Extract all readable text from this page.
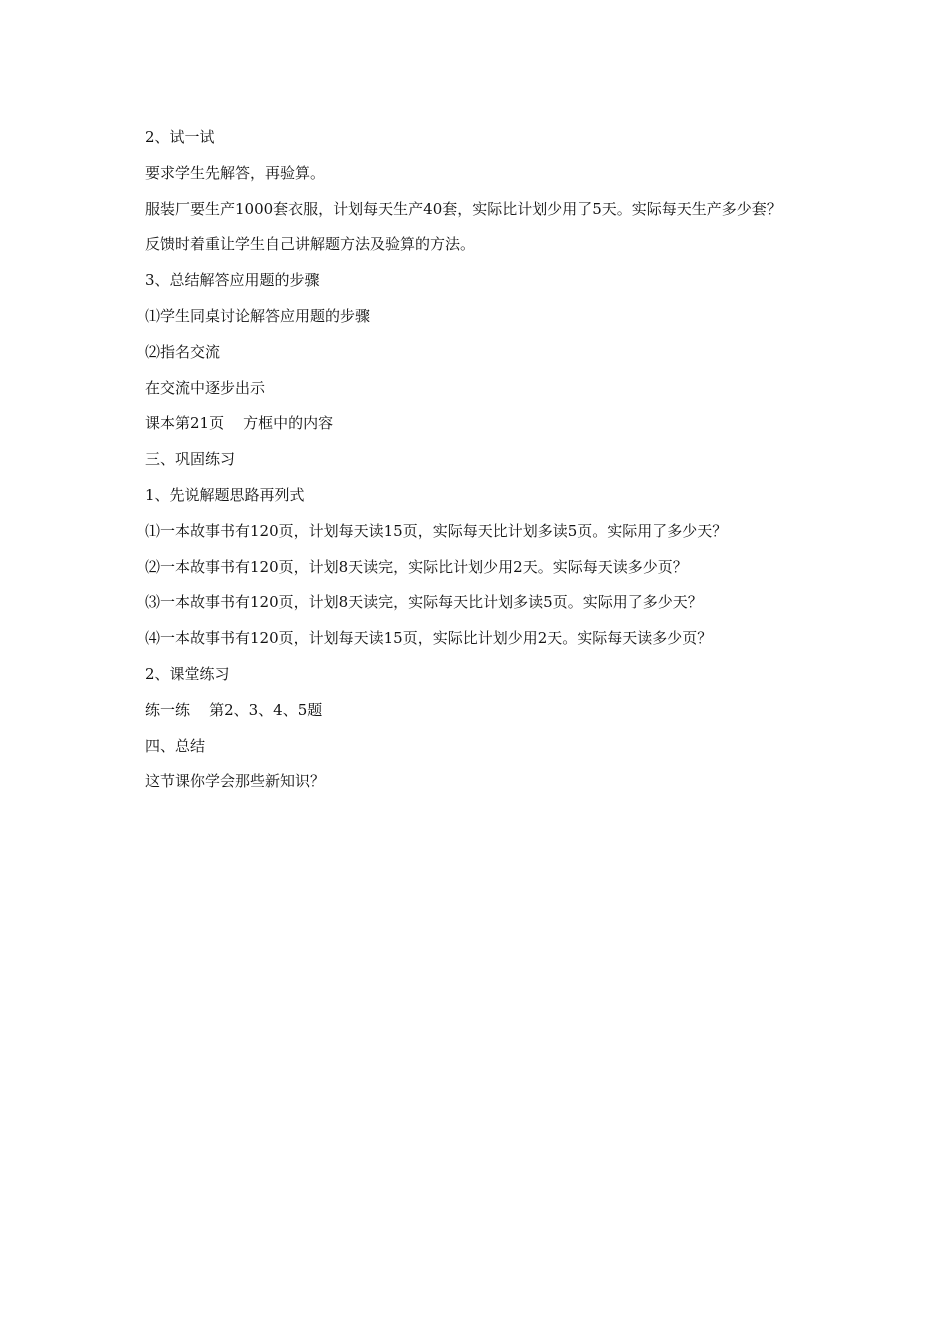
2、试一试

要求学生先解答，再验算。

服装厂要生产1000套衣服，计划每天生产40套，实际比计划少用了5天。实际每天生产多少套？

反馈时着重让学生自己讲解题方法及验算的方法。

3、总结解答应用题的步骤

⑴学生同桌讨论解答应用题的步骤

⑵指名交流

在交流中逐步出示

课本第21页    方框中的内容

三、巩固练习

1、先说解题思路再列式

⑴一本故事书有120页，计划每天读15页，实际每天比计划多读5页。实际用了多少天？

⑵一本故事书有120页，计划8天读完，实际比计划少用2天。实际每天读多少页？

⑶一本故事书有120页，计划8天读完，实际每天比计划多读5页。实际用了多少天？

⑷一本故事书有120页，计划每天读15页，实际比计划少用2天。实际每天读多少页？

2、课堂练习

练一练    第2、3、4、5题

四、总结

这节课你学会那些新知识？
